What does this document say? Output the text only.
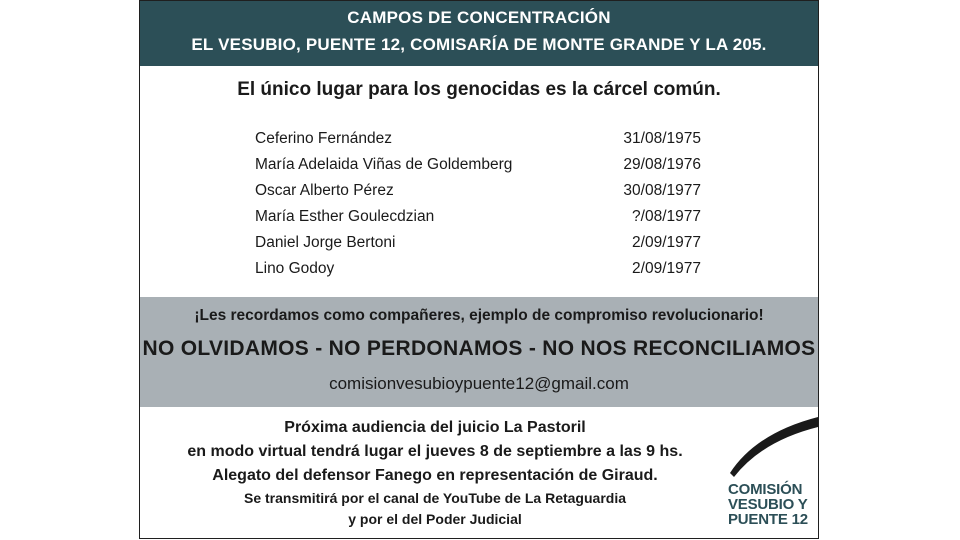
CAMPOS DE CONCENTRACIÓN
EL VESUBIO, PUENTE 12, COMISARÍA DE MONTE GRANDE Y LA 205.
El único lugar para los genocidas es la cárcel común.
Ceferino Fernández	31/08/1975
María Adelaida Viñas de Goldemberg	29/08/1976
Oscar Alberto Pérez	30/08/1977
María Esther Goulecdzian	?/08/1977
Daniel Jorge Bertoni	2/09/1977
Lino Godoy	2/09/1977
¡Les recordamos como compañeres, ejemplo de compromiso revolucionario!
NO OLVIDAMOS - NO PERDONAMOS - NO NOS RECONCILIAMOS
comisionvesubioypuente12@gmail.com
Próxima audiencia del juicio La Pastoril
en modo virtual tendrá lugar el jueves 8 de septiembre a las 9 hs.
Alegato del defensor Fanego en representación de Giraud.
Se transmitirá por el canal de YouTube de La Retaguardia
y por el del Poder Judicial
COMISIÓN
VESUBIO Y
PUENTE 12
